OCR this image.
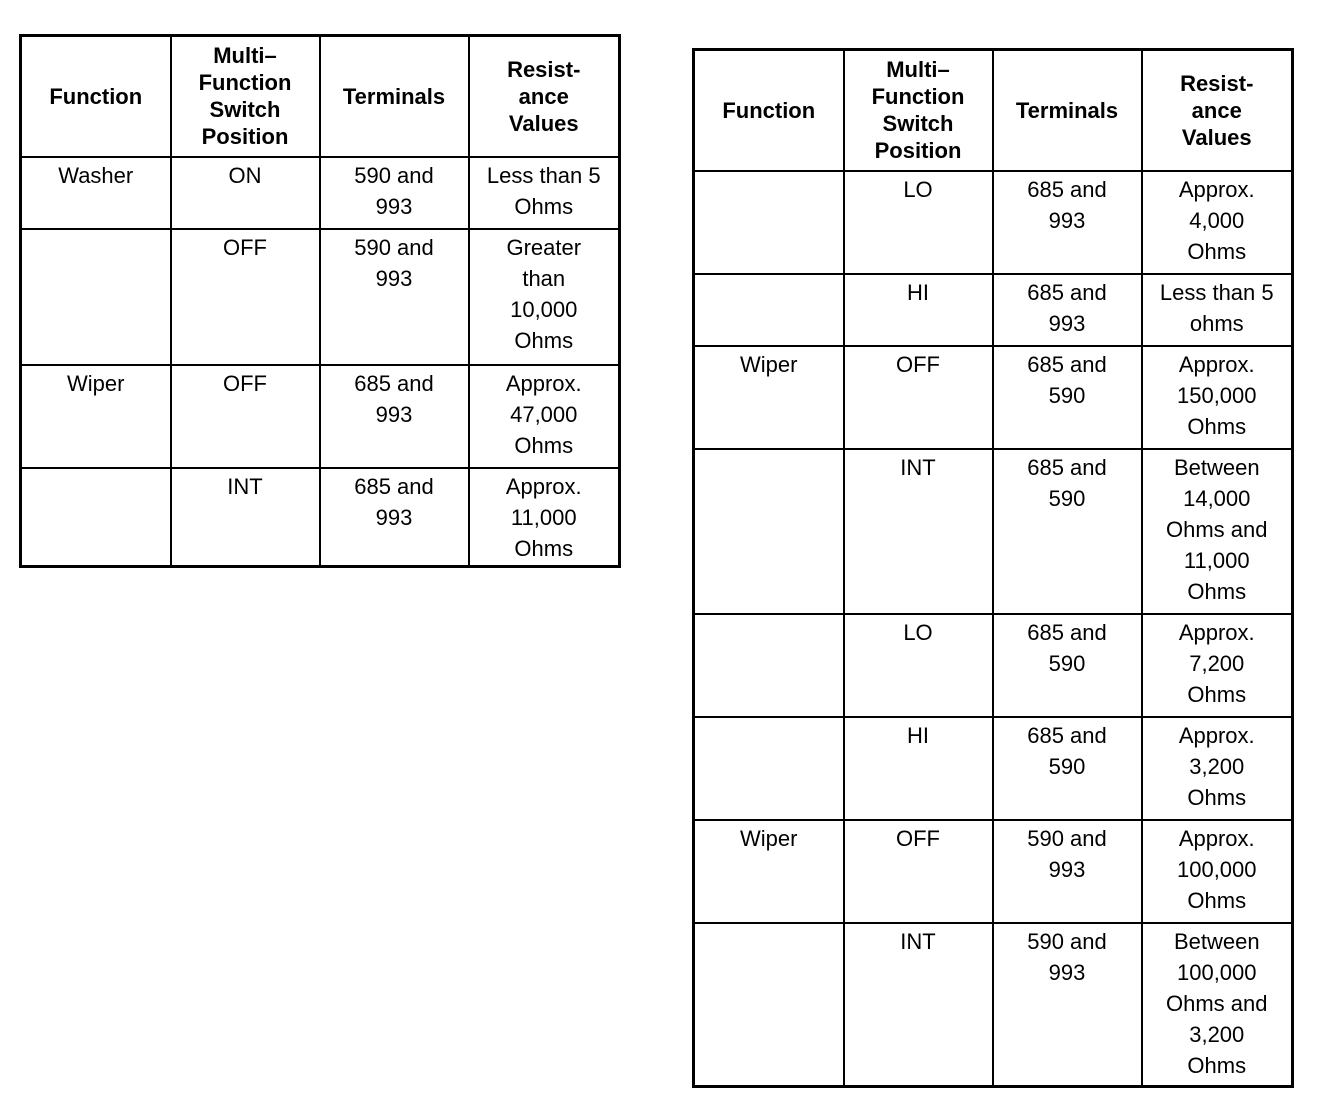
Function	Multi–
Function
Switch
Position	Terminals	Resist-
ance
Values

Washer	ON	590 and
993	Less than 5
Ohms

	OFF	590 and
993	Greater
than
10,000
Ohms

Wiper	OFF	685 and
993	Approx.
47,000
Ohms

	INT	685 and
993	Approx.
11,000
Ohms
Function	Multi–
Function
Switch
Position	Terminals	Resist-
ance
Values

	LO	685 and
993	Approx.
4,000
Ohms

	HI	685 and
993	Less than 5
ohms

Wiper	OFF	685 and
590	Approx.
150,000
Ohms

	INT	685 and
590	Between
14,000
Ohms and
11,000
Ohms

	LO	685 and
590	Approx.
7,200
Ohms

	HI	685 and
590	Approx.
3,200
Ohms

Wiper	OFF	590 and
993	Approx.
100,000
Ohms

	INT	590 and
993	Between
100,000
Ohms and
3,200
Ohms
